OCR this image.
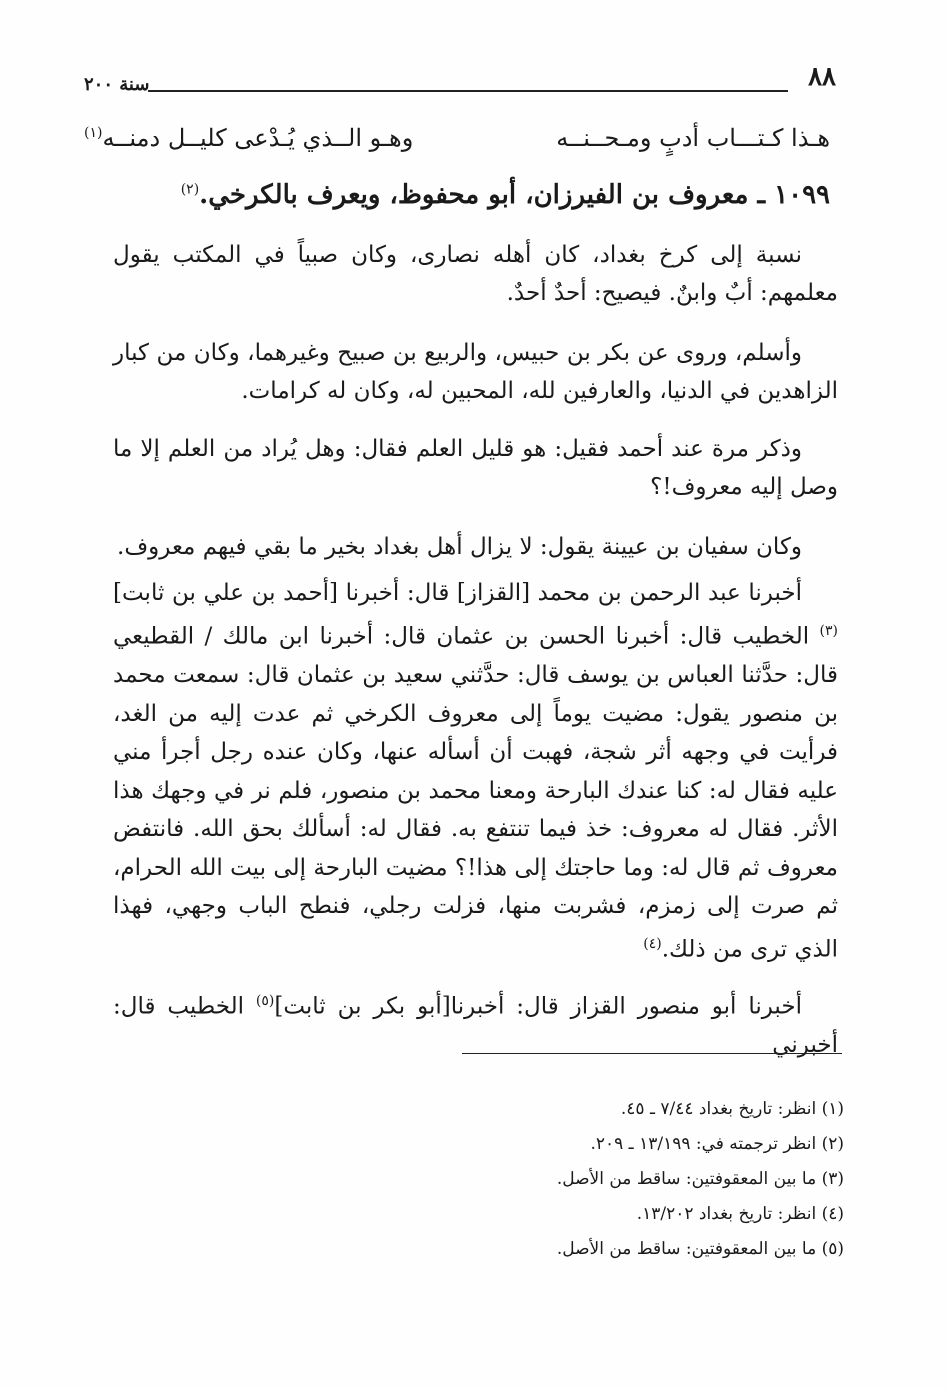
٨٨
سنة ٢٠٠
هـذا كـتـــاب أدبٍ ومـحــنــه
وهـو الــذي يُـدْعى كليــل دمنــه$^{(١)}$
١٠٩٩ ـ معروف بن الفيرزان، أبو محفوظ، ويعرف بالكرخي.$^{(٢)}$
نسبة إلى كرخ بغداد، كان أهله نصارى، وكان صبياً في المكتب يقول معلمهم: أبٌ وابنٌ. فيصيح: أحدٌ أحدٌ.
وأسلم، وروى عن بكر بن حبيس، والربيع بن صبيح وغيرهما، وكان من كبار الزاهدين في الدنيا، والعارفين لله، المحبين له، وكان له كرامات.
وذكر مرة عند أحمد فقيل: هو قليل العلم فقال: وهل يُراد من العلم إلا ما وصل إليه معروف!؟
وكان سفيان بن عيينة يقول: لا يزال أهل بغداد بخير ما بقي فيهم معروف.
أخبرنا عبد الرحمن بن محمد [القزاز] قال: أخبرنا [أحمد بن علي بن ثابت]$^{(٣)}$ الخطيب قال: أخبرنا الحسن بن عثمان قال: أخبرنا ابن مالك / القطيعي قال: حدَّثنا العباس بن يوسف قال: حدَّثني سعيد بن عثمان قال: سمعت محمد بن منصور يقول: مضيت يوماً إلى معروف الكرخي ثم عدت إليه من الغد، فرأيت في وجهه أثر شجة، فهبت أن أسأله عنها، وكان عنده رجل أجرأ مني عليه فقال له: كنا عندك البارحة ومعنا محمد بن منصور، فلم نر في وجهك هذا الأثر. فقال له معروف: خذ فيما تنتفع به. فقال له: أسألك بحق الله. فانتفض معروف ثم قال له: وما حاجتك إلى هذا!؟ مضيت البارحة إلى بيت الله الحرام، ثم صرت إلى زمزم، فشربت منها، فزلت رجلي، فنطح الباب وجهي، فهذا الذي ترى من ذلك.$^{(٤)}$
أخبرنا أبو منصور القزاز قال: أخبرنا[أبو بكر بن ثابت]$^{(٥)}$ الخطيب قال: أخبرني
(١) انظر: تاريخ بغداد ٧/٤٤ ـ ٤٥.
(٢) انظر ترجمته في: ١٣/١٩٩ ـ ٢٠٩.
(٣) ما بين المعقوفتين: ساقط من الأصل.
(٤) انظر: تاريخ بغداد ١٣/٢٠٢.
(٥) ما بين المعقوفتين: ساقط من الأصل.
